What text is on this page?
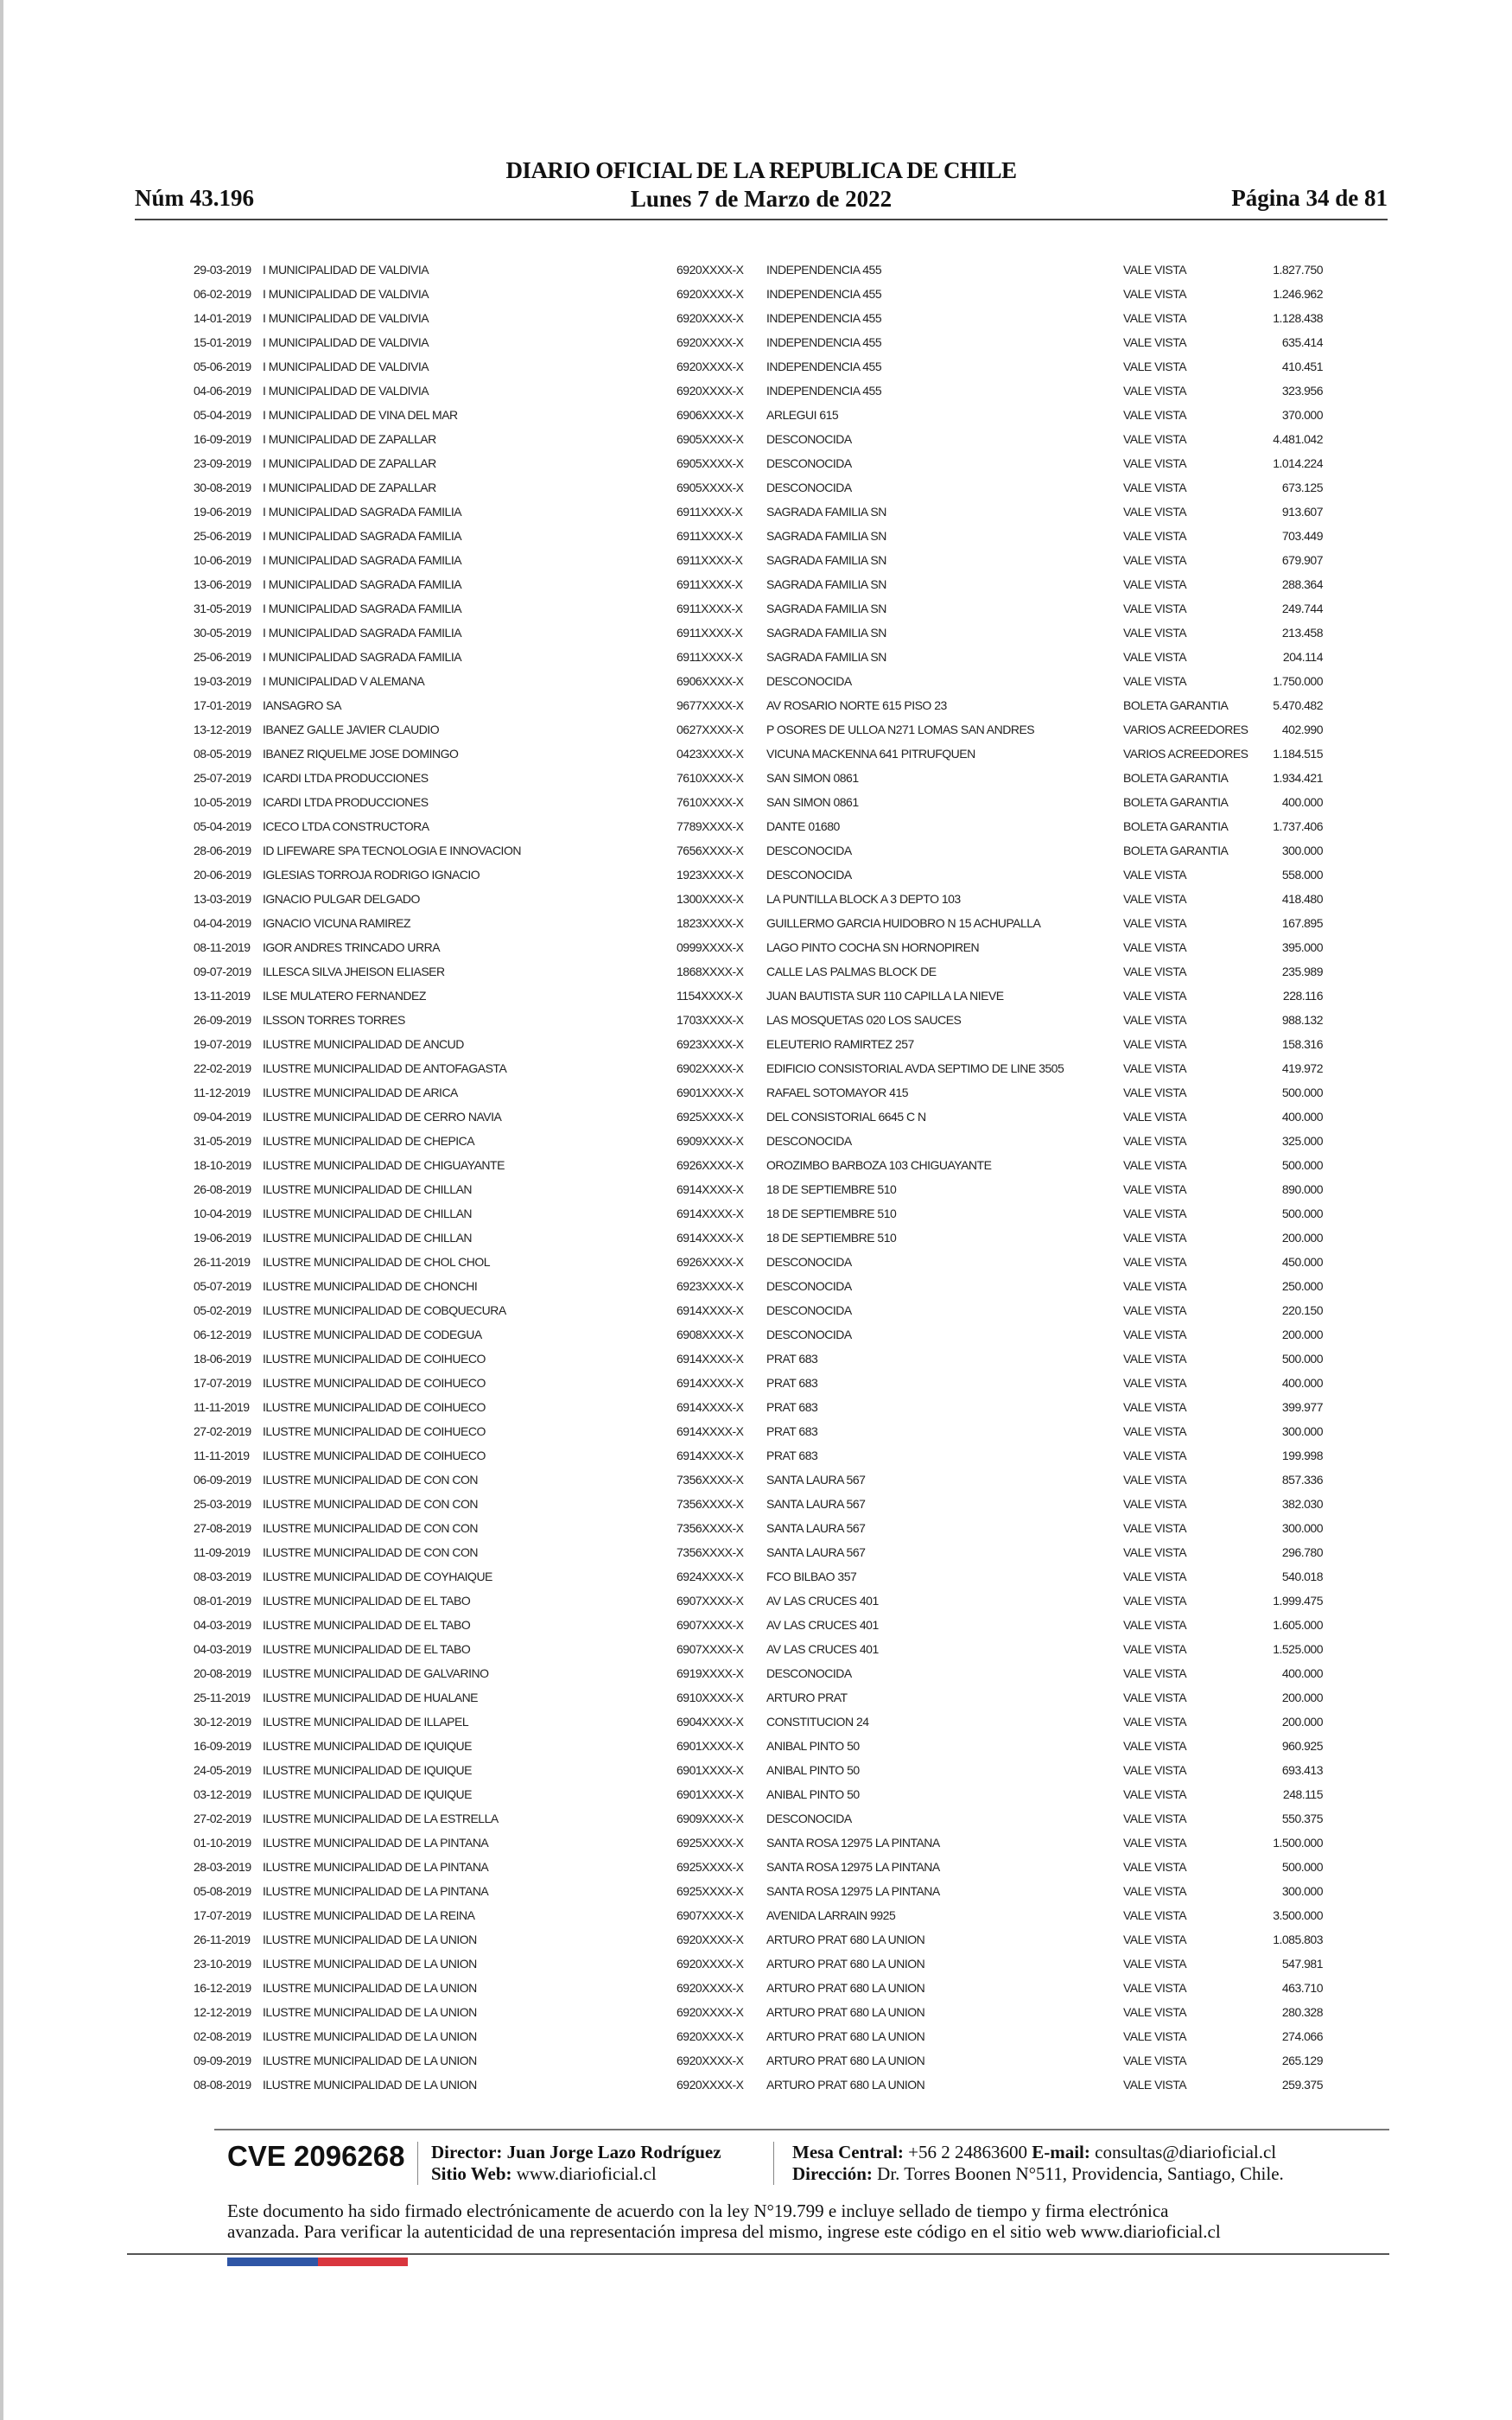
Núm 43.196
DIARIO OFICIAL DE LA REPUBLICA DE CHILE
Lunes 7 de Marzo de 2022	Página 34 de 81
29-03-2019 I MUNICIPALIDAD DE VALDIVIA	6920XXXX-X INDEPENDENCIA 455	VALE VISTA	1.827.750
06-02-2019 I MUNICIPALIDAD DE VALDIVIA	6920XXXX-X INDEPENDENCIA 455	VALE VISTA	1.246.962
14-01-2019 I MUNICIPALIDAD DE VALDIVIA	6920XXXX-X INDEPENDENCIA 455	VALE VISTA	1.128.438
15-01-2019 I MUNICIPALIDAD DE VALDIVIA	6920XXXX-X INDEPENDENCIA 455	VALE VISTA	635.414
05-06-2019 I MUNICIPALIDAD DE VALDIVIA	6920XXXX-X INDEPENDENCIA 455	VALE VISTA	410.451
04-06-2019 I MUNICIPALIDAD DE VALDIVIA	6920XXXX-X INDEPENDENCIA 455	VALE VISTA	323.956
05-04-2019 I MUNICIPALIDAD DE VINA DEL MAR	6906XXXX-X ARLEGUI 615	VALE VISTA	370.000
16-09-2019 I MUNICIPALIDAD DE ZAPALLAR	6905XXXX-X DESCONOCIDA	VALE VISTA	4.481.042
23-09-2019 I MUNICIPALIDAD DE ZAPALLAR	6905XXXX-X DESCONOCIDA	VALE VISTA	1.014.224
30-08-2019 I MUNICIPALIDAD DE ZAPALLAR	6905XXXX-X DESCONOCIDA	VALE VISTA	673.125
19-06-2019 I MUNICIPALIDAD SAGRADA FAMILIA	6911XXXX-X SAGRADA FAMILIA SN	VALE VISTA	913.607
25-06-2019 I MUNICIPALIDAD SAGRADA FAMILIA	6911XXXX-X SAGRADA FAMILIA SN	VALE VISTA	703.449
10-06-2019 I MUNICIPALIDAD SAGRADA FAMILIA	6911XXXX-X SAGRADA FAMILIA SN	VALE VISTA	679.907
13-06-2019 I MUNICIPALIDAD SAGRADA FAMILIA	6911XXXX-X SAGRADA FAMILIA SN	VALE VISTA	288.364
31-05-2019 I MUNICIPALIDAD SAGRADA FAMILIA	6911XXXX-X SAGRADA FAMILIA SN	VALE VISTA	249.744
30-05-2019 I MUNICIPALIDAD SAGRADA FAMILIA	6911XXXX-X SAGRADA FAMILIA SN	VALE VISTA	213.458
25-06-2019 I MUNICIPALIDAD SAGRADA FAMILIA	6911XXXX-X SAGRADA FAMILIA SN	VALE VISTA	204.114
19-03-2019 I MUNICIPALIDAD V ALEMANA	6906XXXX-X DESCONOCIDA	VALE VISTA	1.750.000
17-01-2019 IANSAGRO SA	9677XXXX-X AV ROSARIO NORTE 615 PISO 23	BOLETA GARANTIA	5.470.482
13-12-2019 IBANEZ GALLE JAVIER CLAUDIO	0627XXXX-X P OSORES DE ULLOA N271 LOMAS SAN ANDRES	VARIOS ACREEDORES	402.990
08-05-2019 IBANEZ RIQUELME JOSE DOMINGO	0423XXXX-X VICUNA MACKENNA 641 PITRUFQUEN	VARIOS ACREEDORES	1.184.515
25-07-2019 ICARDI LTDA PRODUCCIONES	7610XXXX-X SAN SIMON 0861	BOLETA GARANTIA	1.934.421
10-05-2019 ICARDI LTDA PRODUCCIONES	7610XXXX-X SAN SIMON 0861	BOLETA GARANTIA	400.000
05-04-2019 ICECO LTDA CONSTRUCTORA	7789XXXX-X DANTE 01680	BOLETA GARANTIA	1.737.406
28-06-2019 ID LIFEWARE SPA TECNOLOGIA E INNOVACION	7656XXXX-X DESCONOCIDA	BOLETA GARANTIA	300.000
20-06-2019 IGLESIAS TORROJA RODRIGO IGNACIO	1923XXXX-X DESCONOCIDA	VALE VISTA	558.000
13-03-2019 IGNACIO PULGAR DELGADO	1300XXXX-X LA PUNTILLA BLOCK A 3 DEPTO 103	VALE VISTA	418.480
04-04-2019 IGNACIO VICUNA RAMIREZ	1823XXXX-X GUILLERMO GARCIA HUIDOBRO N 15 ACHUPALLA	VALE VISTA	167.895
08-11-2019 IGOR ANDRES TRINCADO URRA	0999XXXX-X LAGO PINTO COCHA SN HORNOPIREN	VALE VISTA	395.000
09-07-2019 ILLESCA SILVA JHEISON ELIASER	1868XXXX-X CALLE LAS PALMAS BLOCK DE	VALE VISTA	235.989
13-11-2019 ILSE MULATERO FERNANDEZ	1154XXXX-X JUAN BAUTISTA SUR 110 CAPILLA LA NIEVE	VALE VISTA	228.116
26-09-2019 ILSSON TORRES TORRES	1703XXXX-X LAS MOSQUETAS 020 LOS SAUCES	VALE VISTA	988.132
19-07-2019 ILUSTRE MUNICIPALIDAD DE ANCUD	6923XXXX-X ELEUTERIO RAMIRTEZ 257	VALE VISTA	158.316
22-02-2019 ILUSTRE MUNICIPALIDAD DE ANTOFAGASTA	6902XXXX-X EDIFICIO CONSISTORIAL AVDA SEPTIMO DE LINE 3505	VALE VISTA	419.972
11-12-2019 ILUSTRE MUNICIPALIDAD DE ARICA	6901XXXX-X RAFAEL SOTOMAYOR 415	VALE VISTA	500.000
09-04-2019 ILUSTRE MUNICIPALIDAD DE CERRO NAVIA	6925XXXX-X DEL CONSISTORIAL 6645 C N	VALE VISTA	400.000
31-05-2019 ILUSTRE MUNICIPALIDAD DE CHEPICA	6909XXXX-X DESCONOCIDA	VALE VISTA	325.000
18-10-2019 ILUSTRE MUNICIPALIDAD DE CHIGUAYANTE	6926XXXX-X OROZIMBO BARBOZA 103 CHIGUAYANTE	VALE VISTA	500.000
26-08-2019 ILUSTRE MUNICIPALIDAD DE CHILLAN	6914XXXX-X 18 DE SEPTIEMBRE 510	VALE VISTA	890.000
10-04-2019 ILUSTRE MUNICIPALIDAD DE CHILLAN	6914XXXX-X 18 DE SEPTIEMBRE 510	VALE VISTA	500.000
19-06-2019 ILUSTRE MUNICIPALIDAD DE CHILLAN	6914XXXX-X 18 DE SEPTIEMBRE 510	VALE VISTA	200.000
26-11-2019 ILUSTRE MUNICIPALIDAD DE CHOL CHOL	6926XXXX-X DESCONOCIDA	VALE VISTA	450.000
05-07-2019 ILUSTRE MUNICIPALIDAD DE CHONCHI	6923XXXX-X DESCONOCIDA	VALE VISTA	250.000
05-02-2019 ILUSTRE MUNICIPALIDAD DE COBQUECURA	6914XXXX-X DESCONOCIDA	VALE VISTA	220.150
06-12-2019 ILUSTRE MUNICIPALIDAD DE CODEGUA	6908XXXX-X DESCONOCIDA	VALE VISTA	200.000
18-06-2019 ILUSTRE MUNICIPALIDAD DE COIHUECO	6914XXXX-X PRAT 683	VALE VISTA	500.000
17-07-2019 ILUSTRE MUNICIPALIDAD DE COIHUECO	6914XXXX-X PRAT 683	VALE VISTA	400.000
11-11-2019 ILUSTRE MUNICIPALIDAD DE COIHUECO	6914XXXX-X PRAT 683	VALE VISTA	399.977
27-02-2019 ILUSTRE MUNICIPALIDAD DE COIHUECO	6914XXXX-X PRAT 683	VALE VISTA	300.000
11-11-2019 ILUSTRE MUNICIPALIDAD DE COIHUECO	6914XXXX-X PRAT 683	VALE VISTA	199.998
06-09-2019 ILUSTRE MUNICIPALIDAD DE CON CON	7356XXXX-X SANTA LAURA 567	VALE VISTA	857.336
25-03-2019 ILUSTRE MUNICIPALIDAD DE CON CON	7356XXXX-X SANTA LAURA 567	VALE VISTA	382.030
27-08-2019 ILUSTRE MUNICIPALIDAD DE CON CON	7356XXXX-X SANTA LAURA 567	VALE VISTA	300.000
11-09-2019 ILUSTRE MUNICIPALIDAD DE CON CON	7356XXXX-X SANTA LAURA 567	VALE VISTA	296.780
08-03-2019 ILUSTRE MUNICIPALIDAD DE COYHAIQUE	6924XXXX-X FCO BILBAO 357	VALE VISTA	540.018
08-01-2019 ILUSTRE MUNICIPALIDAD DE EL TABO	6907XXXX-X AV LAS CRUCES 401	VALE VISTA	1.999.475
04-03-2019 ILUSTRE MUNICIPALIDAD DE EL TABO	6907XXXX-X AV LAS CRUCES 401	VALE VISTA	1.605.000
04-03-2019 ILUSTRE MUNICIPALIDAD DE EL TABO	6907XXXX-X AV LAS CRUCES 401	VALE VISTA	1.525.000
20-08-2019 ILUSTRE MUNICIPALIDAD DE GALVARINO	6919XXXX-X DESCONOCIDA	VALE VISTA	400.000
25-11-2019 ILUSTRE MUNICIPALIDAD DE HUALANE	6910XXXX-X ARTURO PRAT	VALE VISTA	200.000
30-12-2019 ILUSTRE MUNICIPALIDAD DE ILLAPEL	6904XXXX-X CONSTITUCION 24	VALE VISTA	200.000
16-09-2019 ILUSTRE MUNICIPALIDAD DE IQUIQUE	6901XXXX-X ANIBAL PINTO 50	VALE VISTA	960.925
24-05-2019 ILUSTRE MUNICIPALIDAD DE IQUIQUE	6901XXXX-X ANIBAL PINTO 50	VALE VISTA	693.413
03-12-2019 ILUSTRE MUNICIPALIDAD DE IQUIQUE	6901XXXX-X ANIBAL PINTO 50	VALE VISTA	248.115
27-02-2019 ILUSTRE MUNICIPALIDAD DE LA ESTRELLA	6909XXXX-X DESCONOCIDA	VALE VISTA	550.375
01-10-2019 ILUSTRE MUNICIPALIDAD DE LA PINTANA	6925XXXX-X SANTA ROSA 12975 LA PINTANA	VALE VISTA	1.500.000
28-03-2019 ILUSTRE MUNICIPALIDAD DE LA PINTANA	6925XXXX-X SANTA ROSA 12975 LA PINTANA	VALE VISTA	500.000
05-08-2019 ILUSTRE MUNICIPALIDAD DE LA PINTANA	6925XXXX-X SANTA ROSA 12975 LA PINTANA	VALE VISTA	300.000
17-07-2019 ILUSTRE MUNICIPALIDAD DE LA REINA	6907XXXX-X AVENIDA LARRAIN 9925	VALE VISTA	3.500.000
26-11-2019 ILUSTRE MUNICIPALIDAD DE LA UNION	6920XXXX-X ARTURO PRAT 680 LA UNION	VALE VISTA	1.085.803
23-10-2019 ILUSTRE MUNICIPALIDAD DE LA UNION	6920XXXX-X ARTURO PRAT 680 LA UNION	VALE VISTA	547.981
16-12-2019 ILUSTRE MUNICIPALIDAD DE LA UNION	6920XXXX-X ARTURO PRAT 680 LA UNION	VALE VISTA	463.710
12-12-2019 ILUSTRE MUNICIPALIDAD DE LA UNION	6920XXXX-X ARTURO PRAT 680 LA UNION	VALE VISTA	280.328
02-08-2019 ILUSTRE MUNICIPALIDAD DE LA UNION	6920XXXX-X ARTURO PRAT 680 LA UNION	VALE VISTA	274.066
09-09-2019 ILUSTRE MUNICIPALIDAD DE LA UNION	6920XXXX-X ARTURO PRAT 680 LA UNION	VALE VISTA	265.129
08-08-2019 ILUSTRE MUNICIPALIDAD DE LA UNION	6920XXXX-X ARTURO PRAT 680 LA UNION	VALE VISTA	259.375
CVE 2096268 Director: Juan Jorge Lazo Rodríguez
Sitio Web: www.diarioficial.cl
Mesa Central: +56 2 24863600 E-mail: consultas@diarioficial.cl
Dirección: Dr. Torres Boonen N°511, Providencia, Santiago, Chile.
Este documento ha sido firmado electrónicamente de acuerdo con la ley N°19.799 e incluye sellado de tiempo y firma electrónica
avanzada. Para verificar la autenticidad de una representación impresa del mismo, ingrese este código en el sitio web www.diarioficial.cl
